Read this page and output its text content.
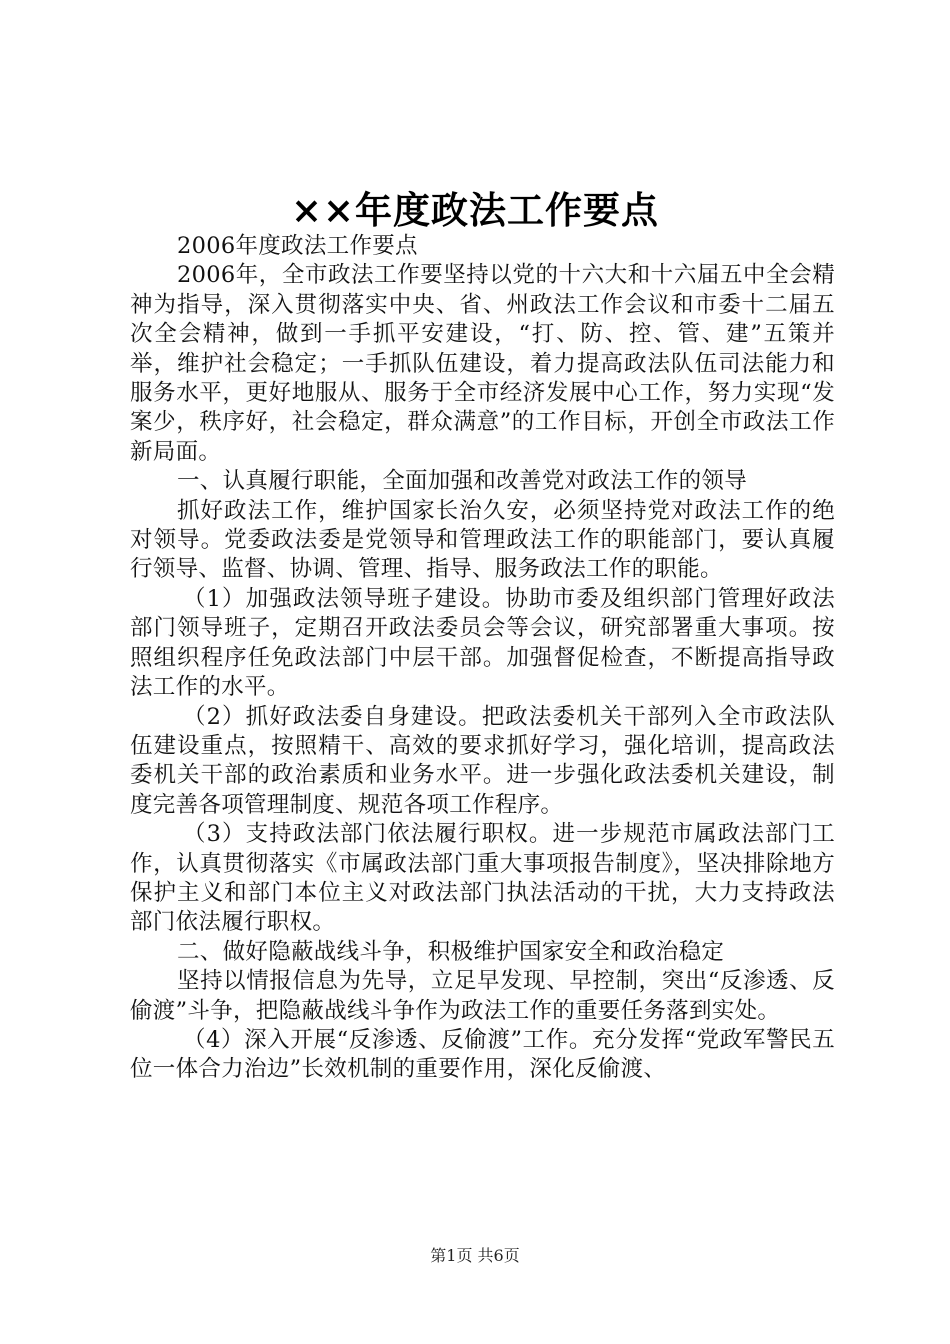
××年度政法工作要点

2006年度政法工作要点

2006年，全市政法工作要坚持以党的十六大和十六届五中全会精神为指导，深入贯彻落实中央、省、州政法工作会议和市委十二届五次全会精神，做到一手抓平安建设，“打、防、控、管、建”五策并举，维护社会稳定；一手抓队伍建设，着力提高政法队伍司法能力和服务水平，更好地服从、服务于全市经济发展中心工作，努力实现“发案少，秩序好，社会稳定，群众满意”的工作目标，开创全市政法工作新局面。

一、认真履行职能，全面加强和改善党对政法工作的领导

抓好政法工作，维护国家长治久安，必须坚持党对政法工作的绝对领导。党委政法委是党领导和管理政法工作的职能部门，要认真履行领导、监督、协调、管理、指导、服务政法工作的职能。

（1）加强政法领导班子建设。协助市委及组织部门管理好政法部门领导班子，定期召开政法委员会等会议，研究部署重大事项。按照组织程序任免政法部门中层干部。加强督促检查，不断提高指导政法工作的水平。

（2）抓好政法委自身建设。把政法委机关干部列入全市政法队伍建设重点，按照精干、高效的要求抓好学习，强化培训，提高政法委机关干部的政治素质和业务水平。进一步强化政法委机关建设，制度完善各项管理制度、规范各项工作程序。

（3）支持政法部门依法履行职权。进一步规范市属政法部门工作，认真贯彻落实《市属政法部门重大事项报告制度》，坚决排除地方保护主义和部门本位主义对政法部门执法活动的干扰，大力支持政法部门依法履行职权。

二、做好隐蔽战线斗争，积极维护国家安全和政治稳定

坚持以情报信息为先导，立足早发现、早控制，突出“反渗透、反偷渡”斗争，把隐蔽战线斗争作为政法工作的重要任务落到实处。

（4）深入开展“反渗透、反偷渡”工作。充分发挥“党政军警民五位一体合力治边”长效机制的重要作用，深化反偷渡、

第1页 共6页
